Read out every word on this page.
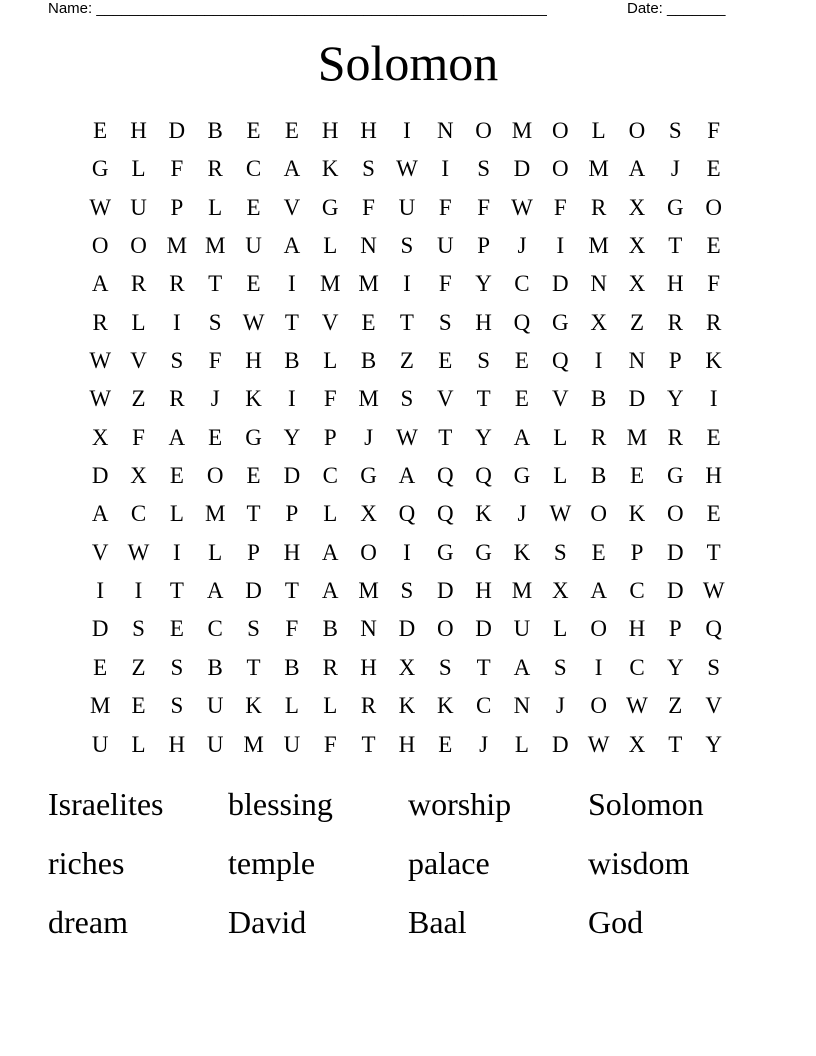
Name: ______________________________________________________	Date: _______
Solomon
E	H D B	E	E	H H	I	N O M O	L	O	S	F
G	L	F	R	C A K	S W	I	S	D O M A	J	E
W U	P	L	E	V G	F	U	F	F W F	R X G O
O O M M U A	L	N	S	U	P	J	I	M X	T	E
A R	R	T	E	I	M M	I	F	Y C D N X H	F
R	L	I	S W T	V	E	T	S	H Q G X	Z	R	R
W V	S	F	H B	L	B	Z	E	S	E	Q	I	N	P	K
W Z	R	J	K	I	F M S	V	T	E	V B D Y	I
X	F	A	E	G Y	P	J	W T	Y A	L	R M R	E
D X	E	O	E	D C G A Q Q G	L	B	E	G H
A C	L M T	P	L	X Q Q K	J	W O K O	E
V W	I	L	P	H A O	I	G G K	S	E	P	D	T
I	I	T	A D	T	A M S	D H M X A C D W
D	S	E	C	S	F	B N D O D U	L	O H	P	Q
E	Z	S	B	T	B	R H X	S	T	A	S	I	C Y	S
M E	S	U K	L	L	R K K C N	J	O W Z	V
U	L	H U M U	F	T	H	E	J	L	D W X	T	Y
Israelites	blessing	worship	Solomon
riches	temple	palace	wisdom
dream	David	Baal	God
